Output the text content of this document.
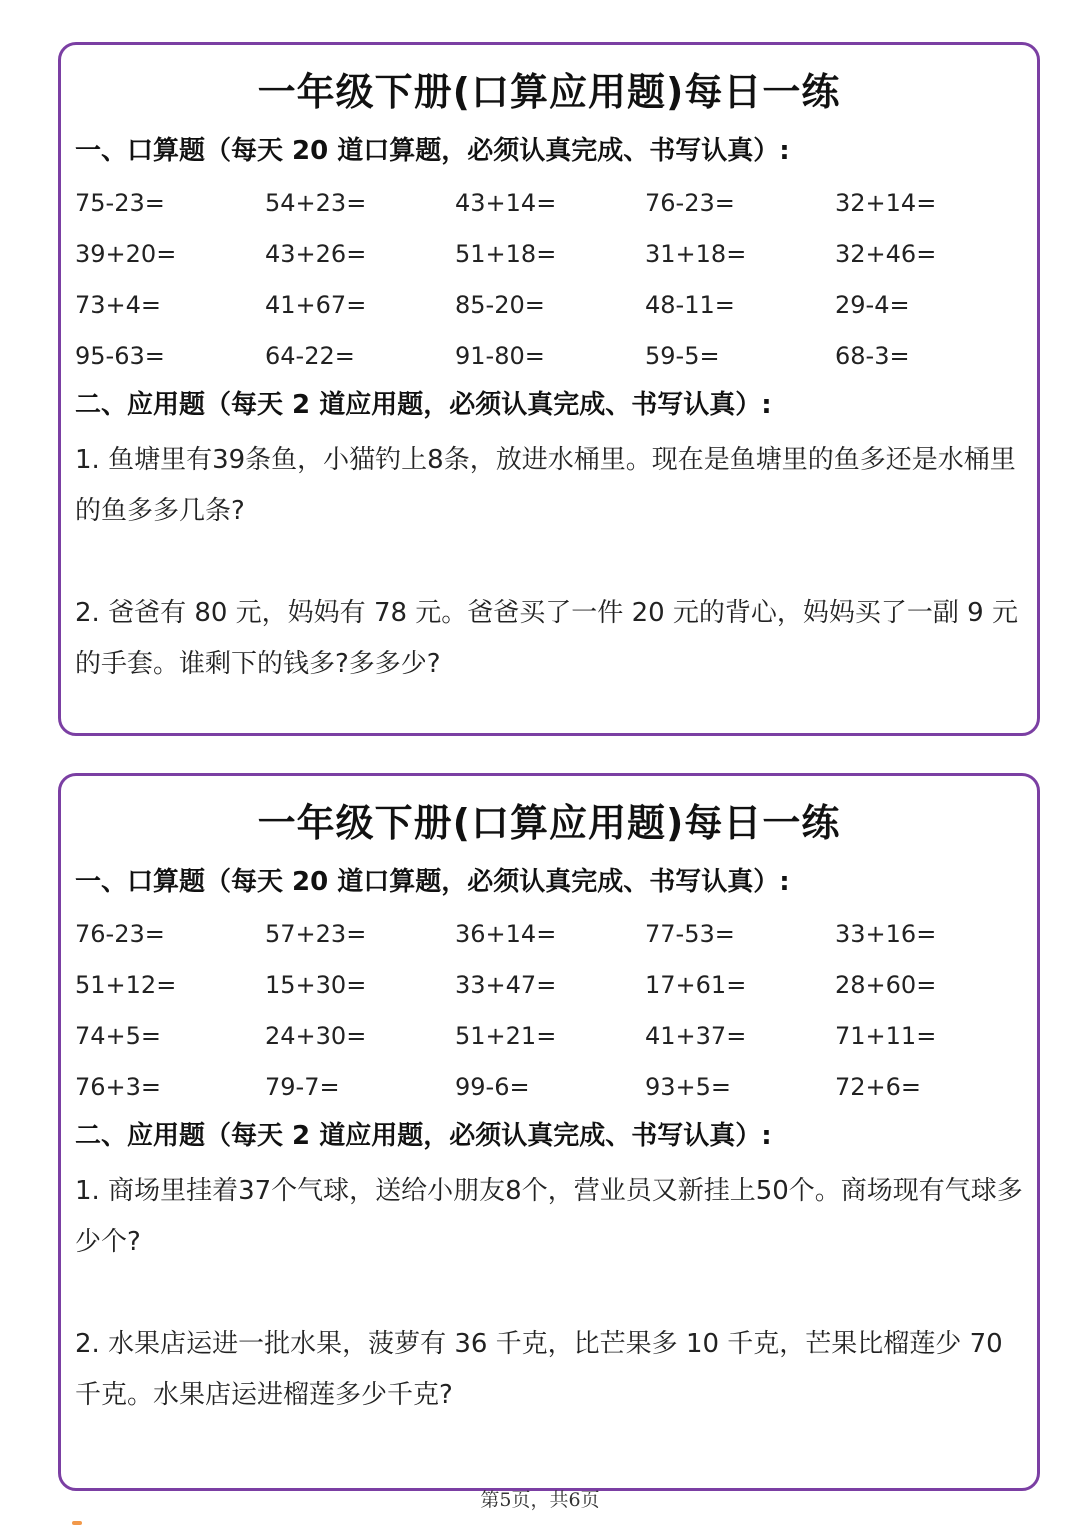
一年级下册(口算应用题)每日一练
一、口算题（每天 20 道口算题，必须认真完成、书写认真）:
75-23=	54+23=	43+14=	76-23=	32+14=
39+20=	43+26=	51+18=	31+18=	32+46=
73+4=	41+67=	85-20=	48-11=	29-4=
95-63=	64-22=	91-80=	59-5=	68-3=
二、应用题（每天 2 道应用题，必须认真完成、书写认真）:
1. 鱼塘里有39条鱼，小猫钓上8条，放进水桶里。现在是鱼塘里的鱼多还是水桶里的鱼多多几条?
2. 爸爸有 80 元，妈妈有 78 元。爸爸买了一件 20 元的背心，妈妈买了一副 9 元的手套。谁剩下的钱多?多多少?
一年级下册(口算应用题)每日一练
一、口算题（每天 20 道口算题，必须认真完成、书写认真）:
76-23=	57+23=	36+14=	77-53=	33+16=
51+12=	15+30=	33+47=	17+61=	28+60=
74+5=	24+30=	51+21=	41+37=	71+11=
76+3=	79-7=	99-6=	93+5=	72+6=
二、应用题（每天 2 道应用题，必须认真完成、书写认真）:
1. 商场里挂着37个气球，送给小朋友8个，营业员又新挂上50个。商场现有气球多少个?
2. 水果店运进一批水果，菠萝有 36 千克，比芒果多 10 千克，芒果比榴莲少 70 千克。水果店运进榴莲多少千克?
第5页，共6页
